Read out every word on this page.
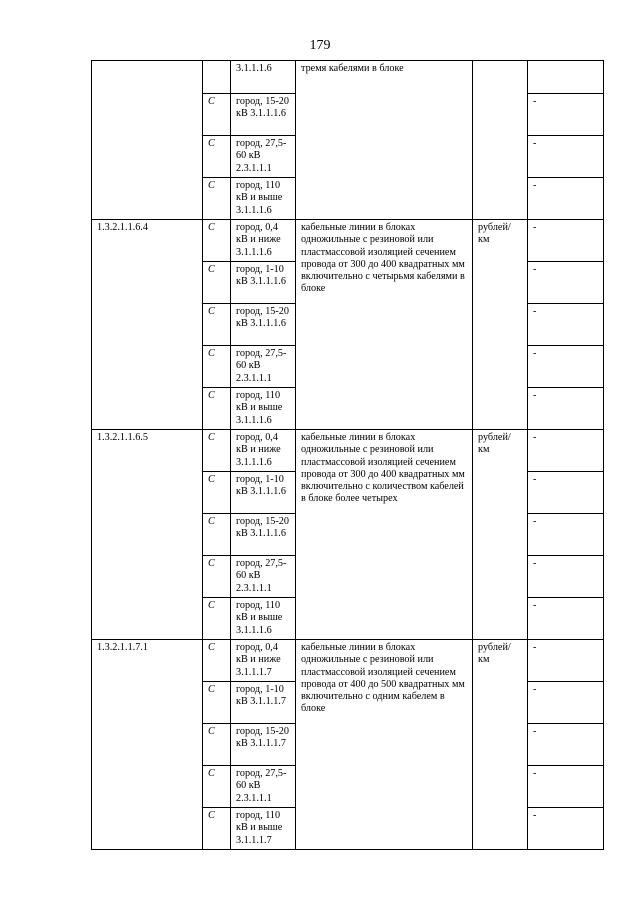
179
		3.1.1.1.6	тремя кабелями в блоке		
	C	город, 15-20 кВ 3.1.1.1.6			-
	C	город, 27,5-60 кВ 2.3.1.1.1			-
	C	город, 110 кВ и выше 3.1.1.1.6			-
1.3.2.1.1.6.4	C	город, 0,4 кВ и ниже 3.1.1.1.6	кабельные линии в блоках одножильные с резиновой или пластмассовой изоляцией сечением провода от 300 до 400 квадратных мм включительно с четырьмя кабелями в блоке	рублей/ км	-
	C	город, 1-10 кВ 3.1.1.1.6			-
	C	город, 15-20 кВ 3.1.1.1.6			-
	C	город, 27,5-60 кВ 2.3.1.1.1			-
	C	город, 110 кВ и выше 3.1.1.1.6			-
1.3.2.1.1.6.5	C	город, 0,4 кВ и ниже 3.1.1.1.6	кабельные линии в блоках одножильные с резиновой или пластмассовой изоляцией сечением провода от 300 до 400 квадратных мм включительно с количеством кабелей в блоке более четырех	рублей/ км	-
	C	город, 1-10 кВ 3.1.1.1.6			-
	C	город, 15-20 кВ 3.1.1.1.6			-
	C	город, 27,5-60 кВ 2.3.1.1.1			-
	C	город, 110 кВ и выше 3.1.1.1.6			-
1.3.2.1.1.7.1	C	город, 0,4 кВ и ниже 3.1.1.1.7	кабельные линии в блоках одножильные с резиновой или пластмассовой изоляцией сечением провода от 400 до 500 квадратных мм включительно с одним кабелем в блоке	рублей/ км	-
	C	город, 1-10 кВ 3.1.1.1.7			-
	C	город, 15-20 кВ 3.1.1.1.7			-
	C	город, 27,5-60 кВ 2.3.1.1.1			-
	C	город, 110 кВ и выше 3.1.1.1.7			-
